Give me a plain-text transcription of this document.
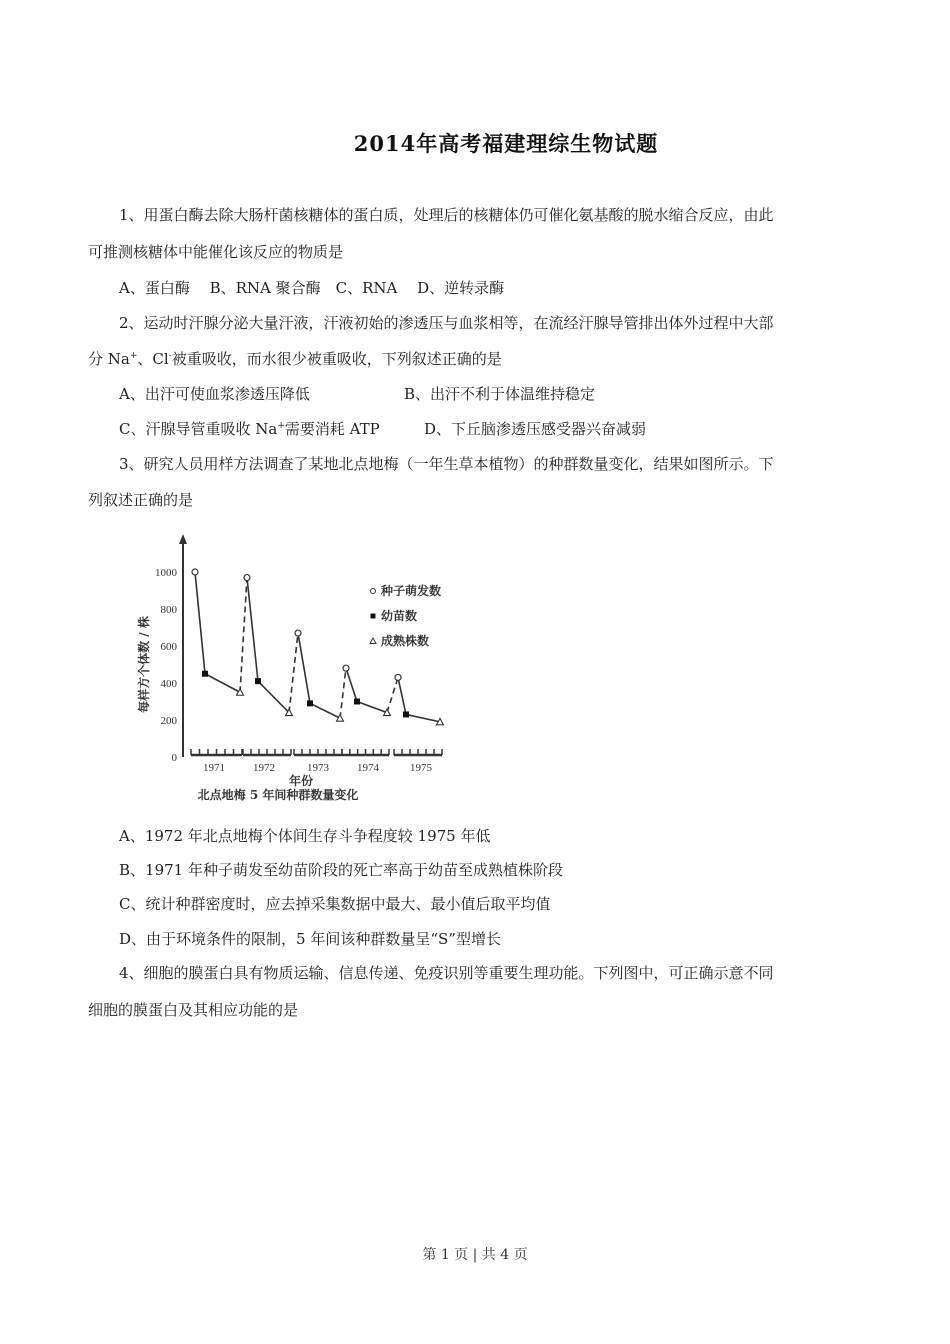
2014年高考福建理综生物试题
1、用蛋白酶去除大肠杆菌核糖体的蛋白质，处理后的核糖体仍可催化氨基酸的脱水缩合反应，由此
可推测核糖体中能催化该反应的物质是
A、蛋白酶　 B、RNA 聚合酶　C、RNA　 D、逆转录酶
2、运动时汗腺分泌大量汗液，汗液初始的渗透压与血浆相等，在流经汗腺导管排出体外过程中大部
分 Na+、Cl-被重吸收，而水很少被重吸收，下列叙述正确的是
A、出汗可使血浆渗透压降低	B、出汗不利于体温维持稳定
C、汗腺导管重吸收 Na+需要消耗 ATP	D、下丘脑渗透压感受器兴奋减弱
3、研究人员用样方法调查了某地北点地梅（一年生草本植物）的种群数量变化，结果如图所示。下
列叙述正确的是
0
200
400
600
800
1000
每样方个体数 / 株
1971	1972	1973	1974	1975
年份
北点地梅 5 年间种群数量变化
种子萌发数
幼苗数
成熟株数
A、1972 年北点地梅个体间生存斗争程度较 1975 年低
B、1971 年种子萌发至幼苗阶段的死亡率高于幼苗至成熟植株阶段
C、统计种群密度时，应去掉采集数据中最大、最小值后取平均值
D、由于环境条件的限制，5 年间该种群数量呈“S”型增长
4、细胞的膜蛋白具有物质运输、信息传递、免疫识别等重要生理功能。下列图中，可正确示意不同
细胞的膜蛋白及其相应功能的是
第 1 页 | 共 4 页
